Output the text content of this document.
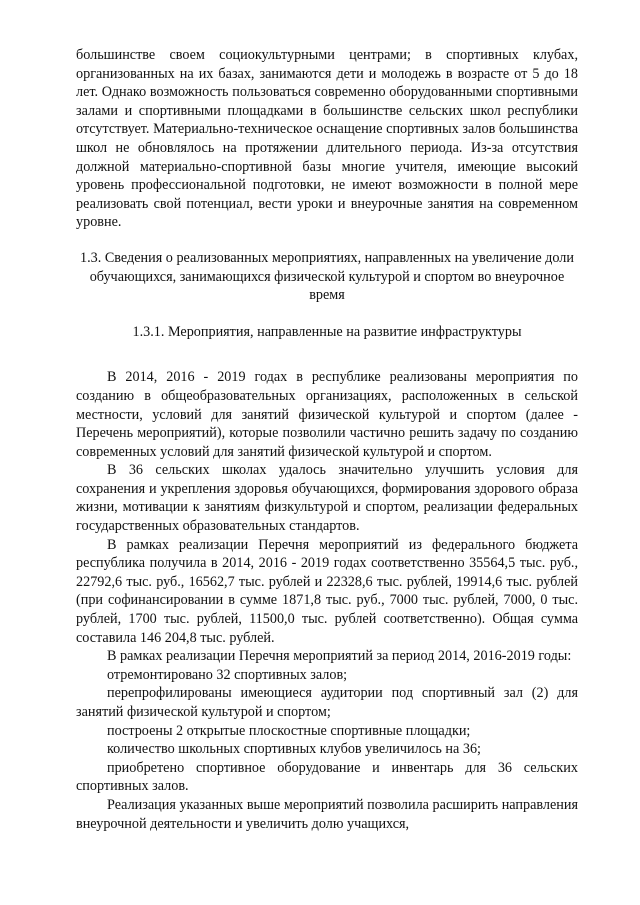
большинстве своем социокультурными центрами; в спортивных клубах, организованных на их базах, занимаются дети и молодежь в возрасте от 5 до 18 лет. Однако возможность пользоваться современно оборудованными спортивными залами и спортивными площадками в большинстве сельских школ республики отсутствует. Материально-техническое оснащение спортивных залов большинства школ не обновлялось на протяжении длительного периода. Из-за отсутствия должной материально-спортивной базы многие учителя, имеющие высокий уровень профессиональной подготовки, не имеют возможности в полной мере реализовать свой потенциал, вести уроки и внеурочные занятия на современном уровне.

1.3. Сведения о реализованных мероприятиях, направленных на увеличение доли обучающихся, занимающихся физической культурой и спортом во внеурочное время

1.3.1. Мероприятия, направленные на развитие инфраструктуры

В 2014, 2016 - 2019 годах в республике реализованы мероприятия по созданию в общеобразовательных организациях, расположенных в сельской местности, условий для занятий физической культурой и спортом (далее - Перечень мероприятий), которые позволили частично решить задачу по созданию современных условий для занятий физической культурой и спортом.

В 36 сельских школах удалось значительно улучшить условия для сохранения и укрепления здоровья обучающихся, формирования здорового образа жизни, мотивации к занятиям физкультурой и спортом, реализации федеральных государственных образовательных стандартов.

В рамках реализации Перечня мероприятий из федерального бюджета республика получила в 2014, 2016 - 2019 годах соответственно 35564,5 тыс. руб., 22792,6 тыс. руб., 16562,7 тыс. рублей и 22328,6 тыс. рублей, 19914,6 тыс. рублей (при софинансировании в сумме 1871,8 тыс. руб., 7000 тыс. рублей, 7000, 0 тыс. рублей, 1700 тыс. рублей, 11500,0 тыс. рублей соответственно). Общая сумма составила 146 204,8 тыс. рублей.

В рамках реализации Перечня мероприятий за период 2014, 2016-2019 годы:

отремонтировано 32 спортивных залов;

перепрофилированы имеющиеся аудитории под спортивный зал (2) для занятий физической культурой и спортом;

построены 2 открытые плоскостные спортивные площадки;

количество школьных спортивных клубов увеличилось на 36;

приобретено спортивное оборудование и инвентарь для 36 сельских спортивных залов.

Реализация указанных выше мероприятий позволила расширить направления внеурочной деятельности и увеличить долю учащихся,
